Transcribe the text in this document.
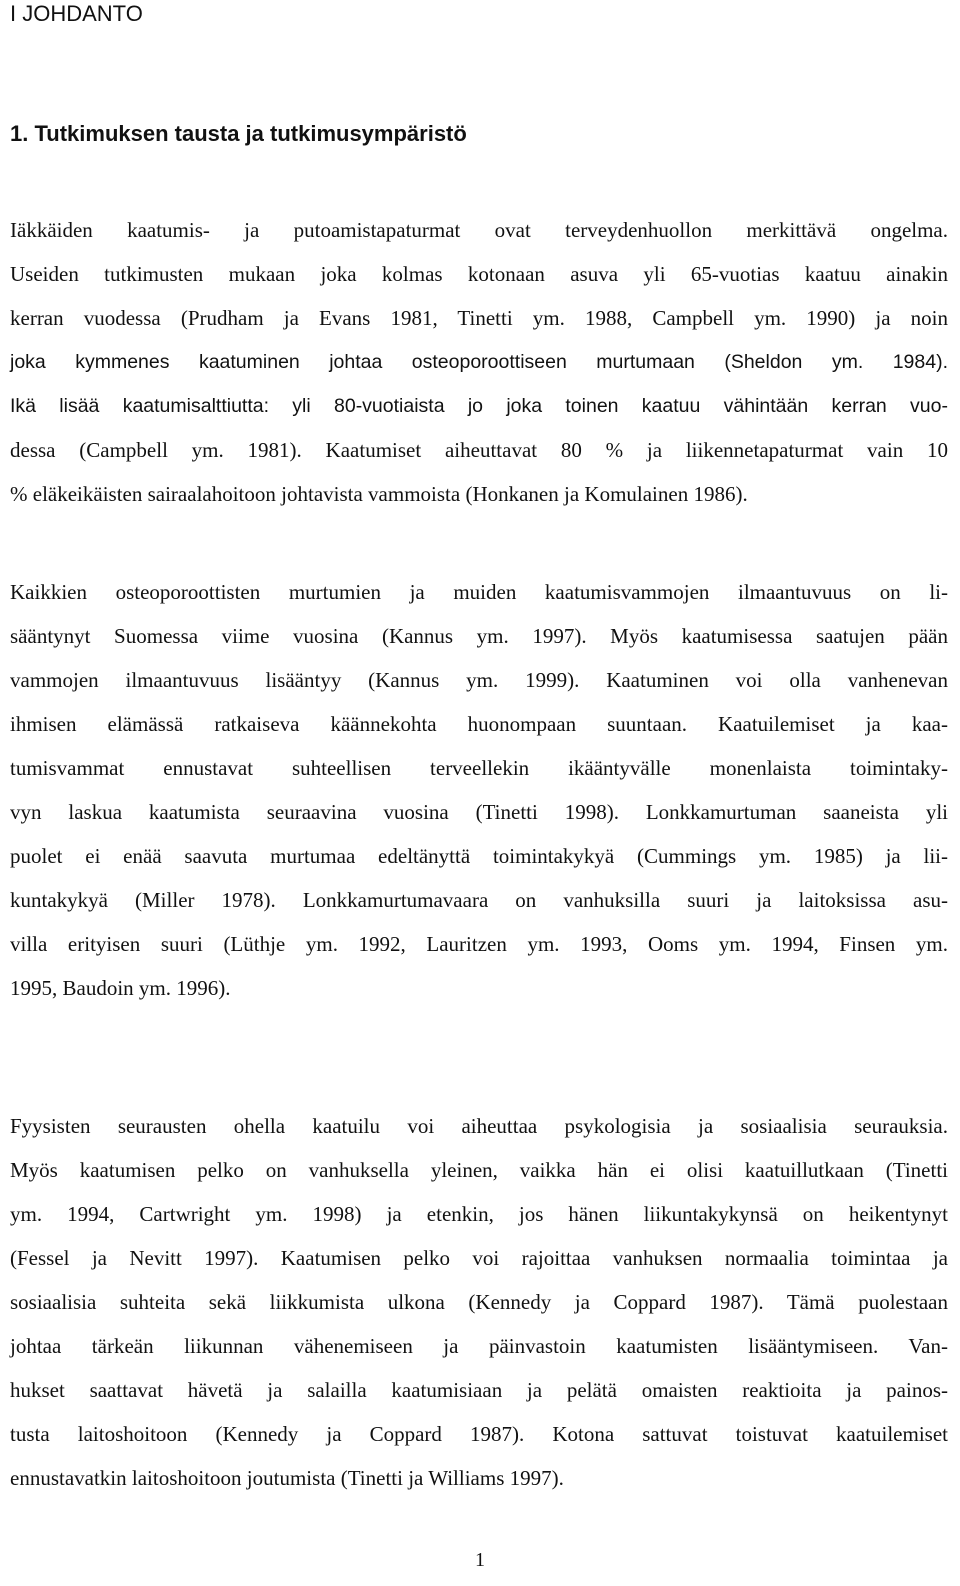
I JOHDANTO
1. Tutkimuksen tausta ja tutkimusympäristö
Iäkkäiden kaatumis- ja putoamistapaturmat ovat terveydenhuollon merkittävä ongelma.
Useiden tutkimusten mukaan joka kolmas kotonaan asuva yli 65-vuotias kaatuu ainakin
kerran vuodessa (Prudham ja Evans 1981, Tinetti ym. 1988, Campbell ym. 1990) ja noin
joka kymmenes kaatuminen johtaa osteoporoottiseen murtumaan (Sheldon ym. 1984).
Ikä lisää kaatumisalttiutta: yli 80-vuotiaista jo joka toinen kaatuu vähintään kerran vuo-
dessa (Campbell ym. 1981). Kaatumiset aiheuttavat 80 % ja liikennetapaturmat vain 10
% eläkeikäisten sairaalahoitoon johtavista vammoista (Honkanen ja Komulainen 1986).
Kaikkien osteoporoottisten murtumien ja muiden kaatumisvammojen ilmaantuvuus on li-
sääntynyt Suomessa viime vuosina (Kannus ym. 1997). Myös kaatumisessa saatujen pään
vammojen ilmaantuvuus lisääntyy (Kannus ym. 1999). Kaatuminen voi olla vanhenevan
ihmisen elämässä ratkaiseva käännekohta huonompaan suuntaan. Kaatuilemiset ja kaa-
tumisvammat ennustavat suhteellisen terveellekin ikääntyvälle monenlaista toimintaky-
vyn laskua kaatumista seuraavina vuosina (Tinetti 1998). Lonkkamurtuman saaneista yli
puolet ei enää saavuta murtumaa edeltänyttä toimintakykyä (Cummings ym. 1985) ja lii-
kuntakykyä (Miller 1978). Lonkkamurtumavaara on vanhuksilla suuri ja laitoksissa asu-
villa erityisen suuri (Lüthje ym. 1992, Lauritzen ym. 1993, Ooms ym. 1994, Finsen ym.
1995, Baudoin ym. 1996).
Fyysisten seurausten ohella kaatuilu voi aiheuttaa psykologisia ja sosiaalisia seurauksia.
Myös kaatumisen pelko on vanhuksella yleinen, vaikka hän ei olisi kaatuillutkaan (Tinetti
ym. 1994, Cartwright ym. 1998) ja etenkin, jos hänen liikuntakykynsä on heikentynyt
(Fessel ja Nevitt 1997). Kaatumisen pelko voi rajoittaa vanhuksen normaalia toimintaa ja
sosiaalisia suhteita sekä liikkumista ulkona (Kennedy ja Coppard 1987). Tämä puolestaan
johtaa tärkeän liikunnan vähenemiseen ja päinvastoin kaatumisten lisääntymiseen. Van-
hukset saattavat hävetä ja salailla kaatumisiaan ja pelätä omaisten reaktioita ja painos-
tusta laitoshoitoon (Kennedy ja Coppard 1987). Kotona sattuvat toistuvat kaatuilemiset
ennustavatkin laitoshoitoon joutumista (Tinetti ja Williams 1997).
1
